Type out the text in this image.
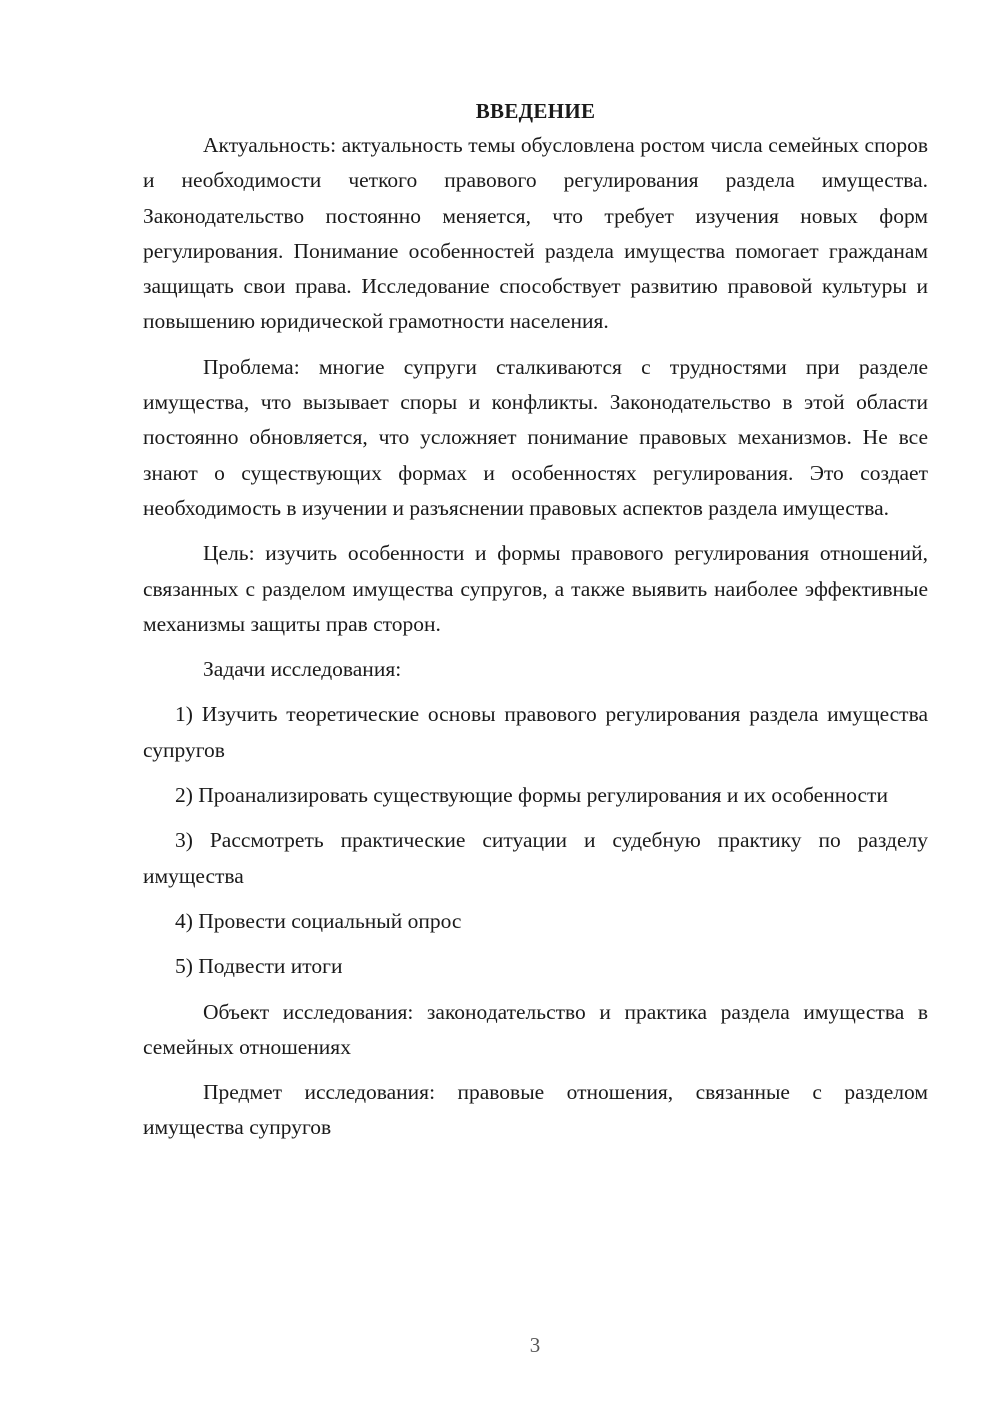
ВВЕДЕНИЕ

Актуальность: актуальность темы обусловлена ростом числа семейных споров и необходимости четкого правового регулирования раздела имущества. Законодательство постоянно меняется, что требует изучения новых форм регулирования. Понимание особенностей раздела имущества помогает гражданам защищать свои права. Исследование способствует развитию правовой культуры и повышению юридической грамотности населения.

Проблема: многие супруги сталкиваются с трудностями при разделе имущества, что вызывает споры и конфликты. Законодательство в этой области постоянно обновляется, что усложняет понимание правовых механизмов. Не все знают о существующих формах и особенностях регулирования. Это создает необходимость в изучении и разъяснении правовых аспектов раздела имущества.

Цель: изучить особенности и формы правового регулирования отношений, связанных с разделом имущества супругов, а также выявить наиболее эффективные механизмы защиты прав сторон.

Задачи исследования:

1) Изучить теоретические основы правового регулирования раздела имущества супругов

2) Проанализировать существующие формы регулирования и их особенности

3) Рассмотреть практические ситуации и судебную практику по разделу имущества

4) Провести социальный опрос

5) Подвести итоги

Объект исследования: законодательство и практика раздела имущества в семейных отношениях

Предмет исследования: правовые отношения, связанные с разделом имущества супругов

3
